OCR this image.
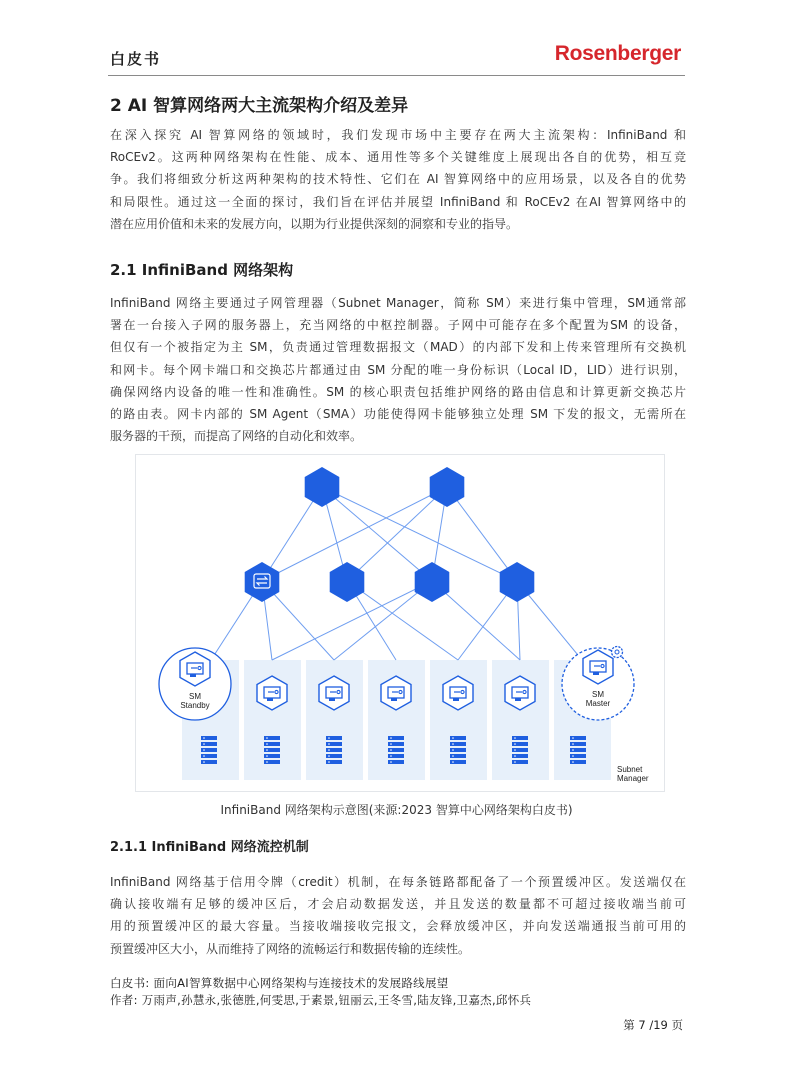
白皮书	Rosenberger
2 AI 智算网络两大主流架构介绍及差异
在深入探究 AI 智算网络的领域时，我们发现市场中主要存在两大主流架构：InfiniBand 和
RoCEv2。这两种网络架构在性能、成本、通用性等多个关键维度上展现出各自的优势，相互竞
争。我们将细致分析这两种架构的技术特性、它们在 AI 智算网络中的应用场景，以及各自的优势
和局限性。通过这一全面的探讨，我们旨在评估并展望 InfiniBand 和 RoCEv2 在AI 智算网络中的
潜在应用价值和未来的发展方向，以期为行业提供深刻的洞察和专业的指导。
2.1 InfiniBand 网络架构
InfiniBand 网络主要通过子网管理器（Subnet Manager，简称 SM）来进行集中管理，SM通常部
署在一台接入子网的服务器上，充当网络的中枢控制器。子网中可能存在多个配置为SM 的设备，
但仅有一个被指定为主 SM，负责通过管理数据报文（MAD）的内部下发和上传来管理所有交换机
和网卡。每个网卡端口和交换芯片都通过由 SM 分配的唯一身份标识（Local ID，LID）进行识别，
确保网络内设备的唯一性和准确性。SM 的核心职责包括维护网络的路由信息和计算更新交换芯片
的路由表。网卡内部的 SM Agent（SMA）功能使得网卡能够独立处理 SM 下发的报文，无需所在
服务器的干预，而提高了网络的自动化和效率。
SM
Standby
SM
Master
Subnet
Manager
InfiniBand 网络架构示意图(来源:2023 智算中心网络架构白皮书)
2.1.1 InfiniBand 网络流控机制
InfiniBand 网络基于信用令牌（credit）机制，在每条链路都配备了一个预置缓冲区。发送端仅在
确认接收端有足够的缓冲区后，才会启动数据发送，并且发送的数量都不可超过接收端当前可
用的预置缓冲区的最大容量。当接收端接收完报文，会释放缓冲区，并向发送端通报当前可用的
预置缓冲区大小，从而维持了网络的流畅运行和数据传输的连续性。
白皮书: 面向AI智算数据中心网络架构与连接技术的发展路线展望
作者: 万雨声,孙慧永,张德胜,何雯思,于素景,钮丽云,王冬雪,陆友锋,卫嘉杰,邱怀兵
第 7 /19 页
